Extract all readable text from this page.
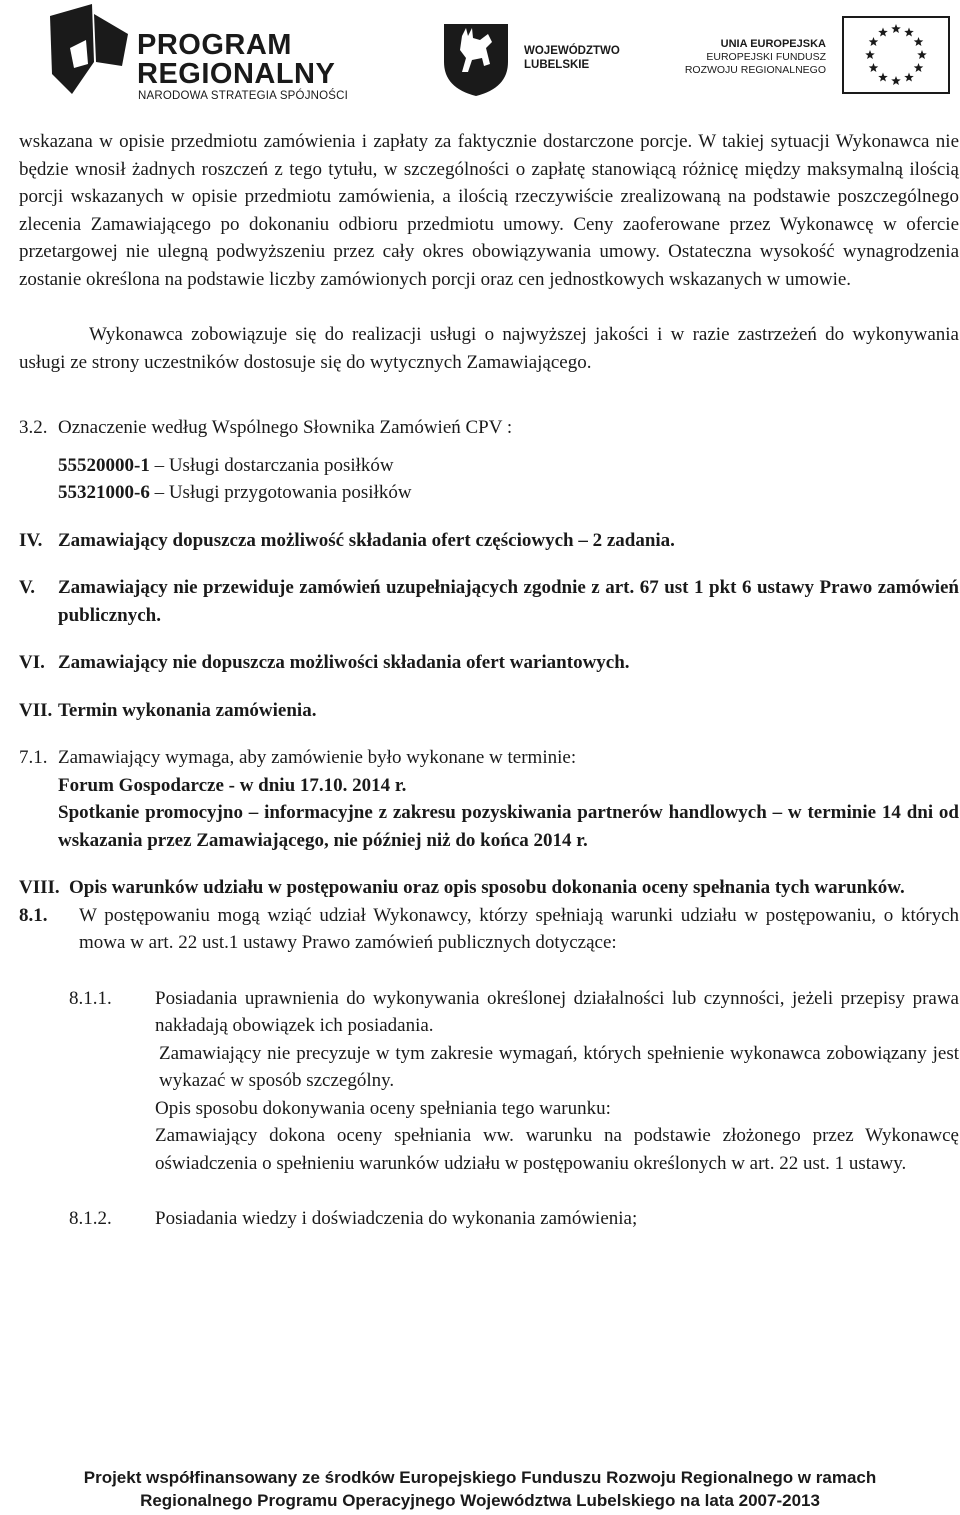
PROGRAM
REGIONALNY
NARODOWA STRATEGIA SPÓJNOŚCI
WOJEWÓDZTWO
LUBELSKIE
UNIA EUROPEJSKA
EUROPEJSKI FUNDUSZ
ROZWOJU REGIONALNEGO

wskazana w opisie przedmiotu zamówienia i zapłaty za faktycznie dostarczone porcje. W takiej sytuacji Wykonawca nie będzie wnosił żadnych roszczeń z tego tytułu, w szczególności o zapłatę stanowiącą różnicę między maksymalną ilością porcji wskazanych w opisie przedmiotu zamówienia, a ilością rzeczywiście zrealizowaną na podstawie poszczególnego zlecenia Zamawiającego po dokonaniu odbioru przedmiotu umowy. Ceny zaoferowane przez Wykonawcę w ofercie przetargowej nie ulegną podwyższeniu przez cały okres obowiązywania umowy. Ostateczna wysokość wynagrodzenia zostanie określona na podstawie liczby zamówionych porcji oraz cen jednostkowych wskazanych w umowie.

Wykonawca zobowiązuje się do realizacji usługi o najwyższej jakości i w razie zastrzeżeń do wykonywania usługi ze strony uczestników dostosuje się do wytycznych Zamawiającego.

3.2. Oznaczenie według Wspólnego Słownika Zamówień CPV :
55520000-1 – Usługi dostarczania posiłków
55321000-6 – Usługi przygotowania posiłków
IV. Zamawiający dopuszcza możliwość składania ofert częściowych – 2 zadania.
V.	Zamawiający nie przewiduje zamówień uzupełniających zgodnie z art. 67 ust 1 pkt 6 ustawy Prawo zamówień publicznych.
VI. Zamawiający nie dopuszcza możliwości składania ofert wariantowych.
VII. Termin wykonania zamówienia.
7.1. Zamawiający wymaga, aby zamówienie było wykonane w terminie:
Forum Gospodarcze - w dniu 17.10. 2014 r.
Spotkanie promocyjno – informacyjne z zakresu pozyskiwania partnerów handlowych – w terminie 14 dni od wskazania przez Zamawiającego, nie później niż do końca 2014 r.
VIII. Opis warunków udziału w postępowaniu oraz opis sposobu dokonania oceny spełnania tych warunków.
8.1.	W postępowaniu mogą wziąć udział Wykonawcy, którzy spełniają warunki udziału w postępowaniu, o których mowa w art. 22 ust.1 ustawy Prawo zamówień publicznych dotyczące:
8.1.1.	Posiadania uprawnienia do wykonywania określonej działalności lub czynności, jeżeli przepisy prawa nakładają obowiązek ich posiadania.
Zamawiający nie precyzuje w tym zakresie wymagań, których spełnienie wykonawca zobowiązany jest wykazać w sposób szczególny.
Opis sposobu dokonywania oceny spełniania tego warunku:
Zamawiający dokona oceny spełniania ww. warunku na podstawie złożonego przez Wykonawcę oświadczenia o spełnieniu warunków udziału w postępowaniu określonych w art. 22 ust. 1 ustawy.
8.1.2.	Posiadania wiedzy i doświadczenia do wykonania zamówienia;
Projekt współfinansowany ze środków Europejskiego Funduszu Rozwoju Regionalnego w ramach
Regionalnego Programu Operacyjnego Województwa Lubelskiego na lata 2007-2013
